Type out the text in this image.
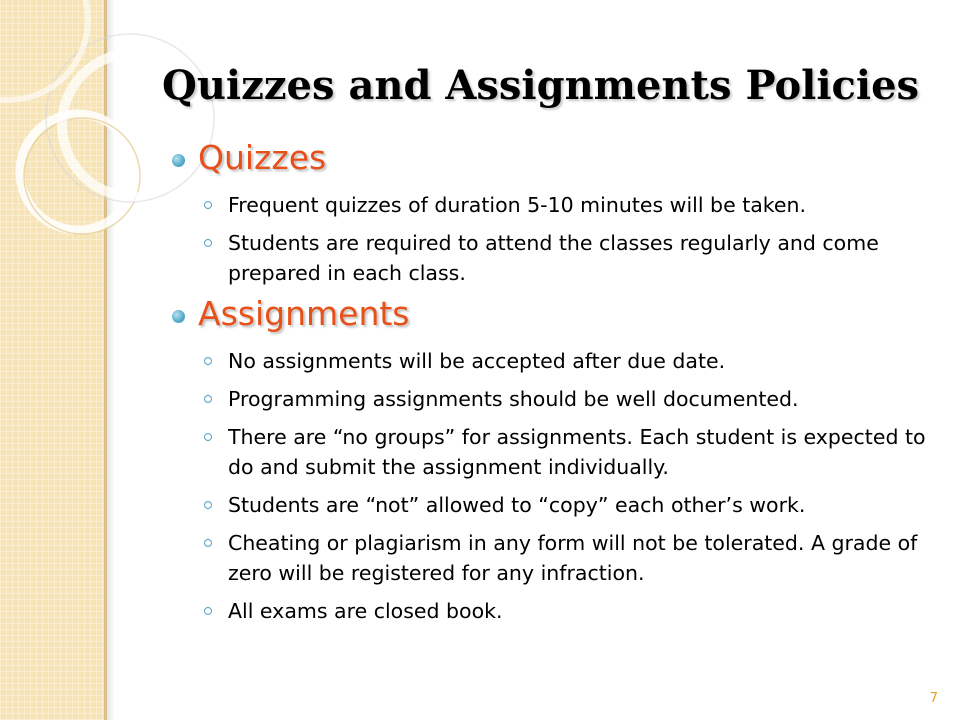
Quizzes and Assignments Policies
Quizzes
Frequent quizzes of duration 5-10 minutes will be taken.
Students are required to attend the classes regularly and come prepared in each class.
Assignments
No assignments will be accepted after due date.
Programming assignments should be well documented.
There are “no groups” for assignments. Each student is expected to do and submit the assignment individually.
Students are “not” allowed to “copy” each other’s work.
Cheating or plagiarism in any form will not be tolerated. A grade of zero will be registered for any infraction.
All exams are closed book.
7
